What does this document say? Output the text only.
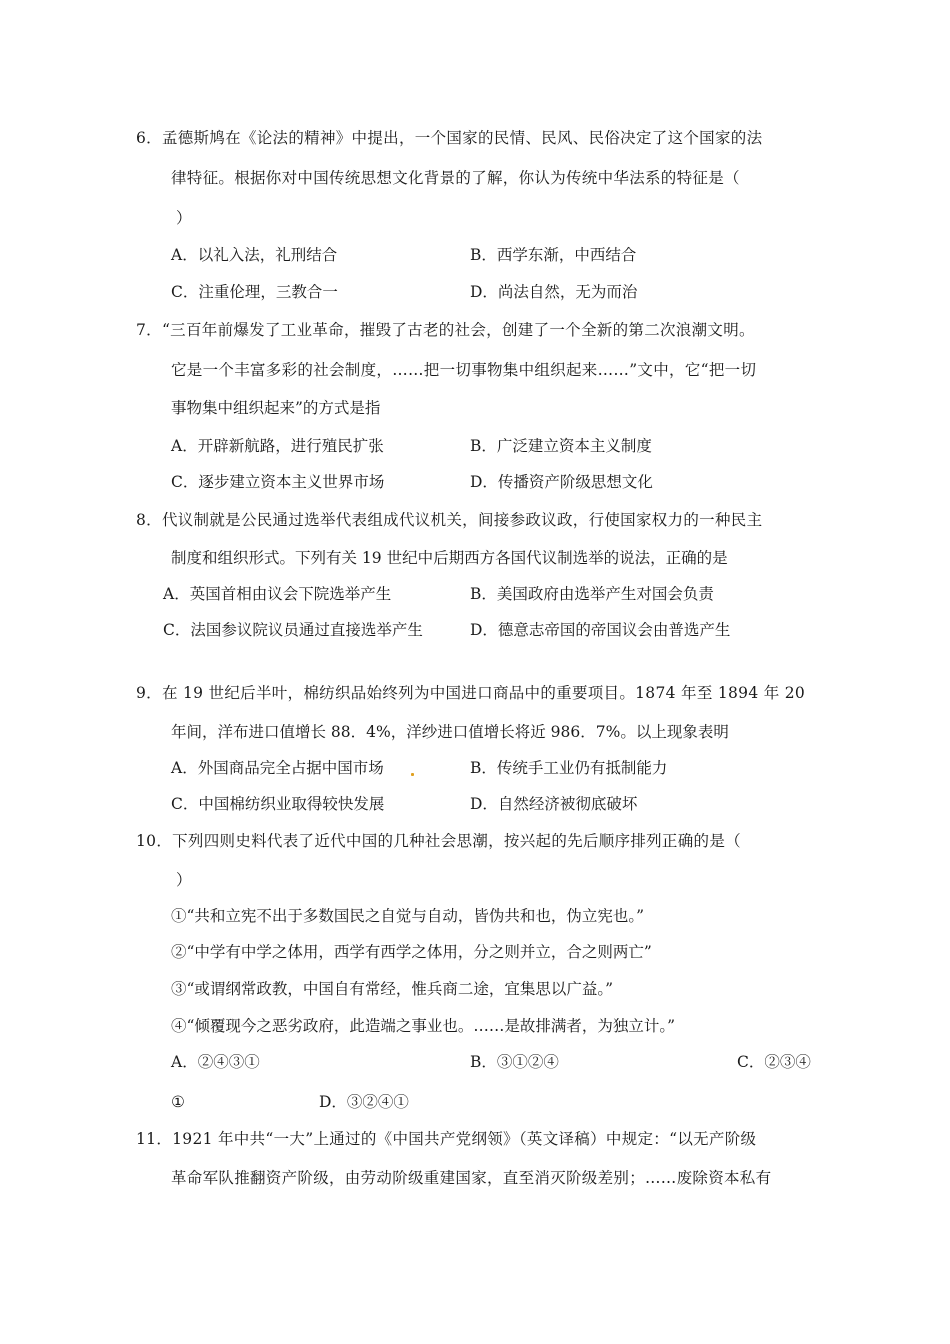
6．孟德斯鸠在《论法的精神》中提出，一个国家的民情、民风、民俗决定了这个国家的法
律特征。根据你对中国传统思想文化背景的了解，你认为传统中华法系的特征是（
）
A．以礼入法，礼刑结合	B．西学东渐，中西结合
C．注重伦理，三教合一	D．尚法自然，无为而治
7．“三百年前爆发了工业革命，摧毁了古老的社会，创建了一个全新的第二次浪潮文明。
它是一个丰富多彩的社会制度，……把一切事物集中组织起来……”文中，它“把一切
事物集中组织起来”的方式是指
A．开辟新航路，进行殖民扩张	B．广泛建立资本主义制度
C．逐步建立资本主义世界市场	D．传播资产阶级思想文化
8．代议制就是公民通过选举代表组成代议机关，间接参政议政，行使国家权力的一种民主
制度和组织形式。下列有关 19 世纪中后期西方各国代议制选举的说法，正确的是
A．英国首相由议会下院选举产生	B．美国政府由选举产生对国会负责
C．法国参议院议员通过直接选举产生	D．德意志帝国的帝国议会由普选产生
9．在 19 世纪后半叶，棉纺织品始终列为中国进口商品中的重要项目。1874 年至 1894 年 20
年间，洋布进口值增长 88．4%，洋纱进口值增长将近 986．7%。以上现象表明
A．外国商品完全占据中国市场	B．传统手工业仍有抵制能力
C．中国棉纺织业取得较快发展	D．自然经济被彻底破坏
10．下列四则史料代表了近代中国的几种社会思潮，按兴起的先后顺序排列正确的是（
）
①“共和立宪不出于多数国民之自觉与自动，皆伪共和也，伪立宪也。”
②“中学有中学之体用，西学有西学之体用，分之则并立，合之则两亡”
③“或谓纲常政教，中国自有常经，惟兵商二途，宜集思以广益。”
④“倾覆现今之恶劣政府，此造端之事业也。……是故排满者，为独立计。”
A．②④③①	B．③①②④	C．②③④
①	D．③②④①
11．1921 年中共“一大”上通过的《中国共产党纲领》（英文译稿）中规定：“以无产阶级
革命军队推翻资产阶级，由劳动阶级重建国家，直至消灭阶级差别；……废除资本私有
